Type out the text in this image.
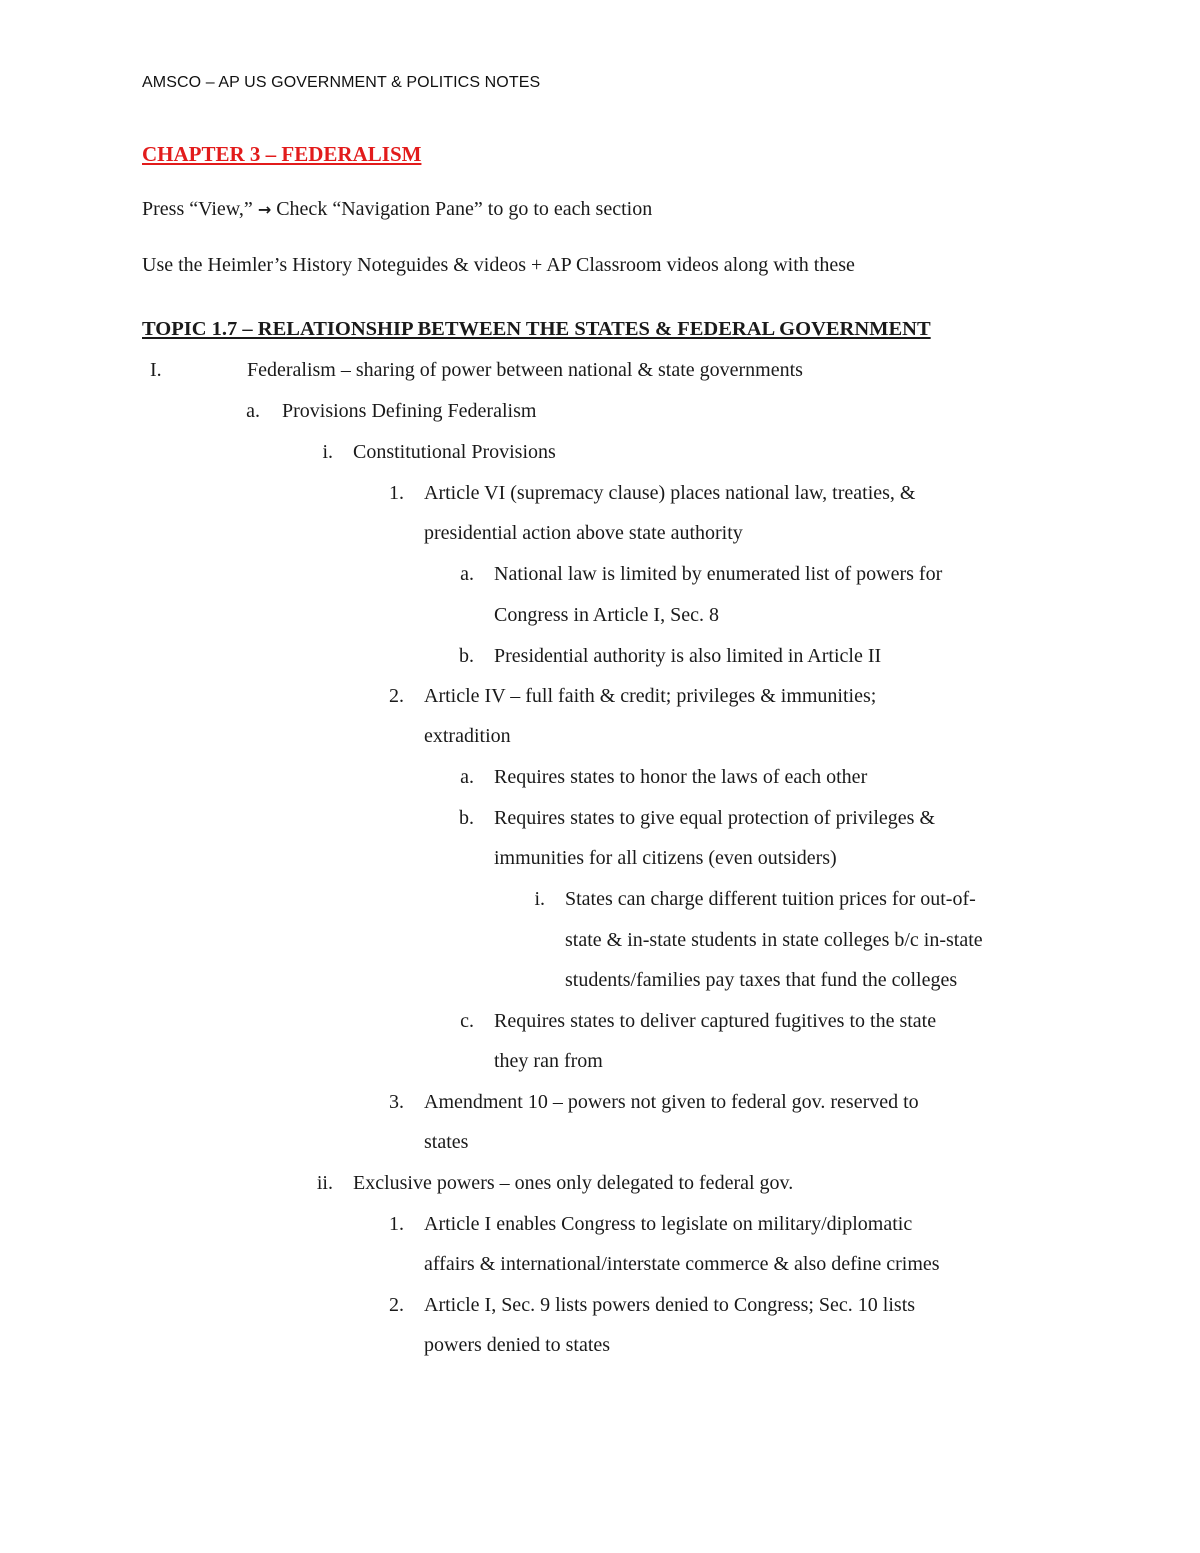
AMSCO – AP US GOVERNMENT & POLITICS NOTES
CHAPTER 3 – FEDERALISM
Press “View,” → Check “Navigation Pane” to go to each section
Use the Heimler’s History Noteguides & videos + AP Classroom videos along with these
TOPIC 1.7 – RELATIONSHIP BETWEEN THE STATES & FEDERAL GOVERNMENT
I.	Federalism – sharing of power between national & state governments
a. Provisions Defining Federalism
i. Constitutional Provisions
1. Article VI (supremacy clause) places national law, treaties, &
presidential action above state authority
a. National law is limited by enumerated list of powers for
Congress in Article I, Sec. 8
b. Presidential authority is also limited in Article II
2. Article IV – full faith & credit; privileges & immunities;
extradition
a. Requires states to honor the laws of each other
b. Requires states to give equal protection of privileges &
immunities for all citizens (even outsiders)
i. States can charge different tuition prices for out-of-
state & in-state students in state colleges b/c in-state
students/families pay taxes that fund the colleges
c. Requires states to deliver captured fugitives to the state
they ran from
3. Amendment 10 – powers not given to federal gov. reserved to
states
ii. Exclusive powers – ones only delegated to federal gov.
1. Article I enables Congress to legislate on military/diplomatic
affairs & international/interstate commerce & also define crimes
2. Article I, Sec. 9 lists powers denied to Congress; Sec. 10 lists
powers denied to states
